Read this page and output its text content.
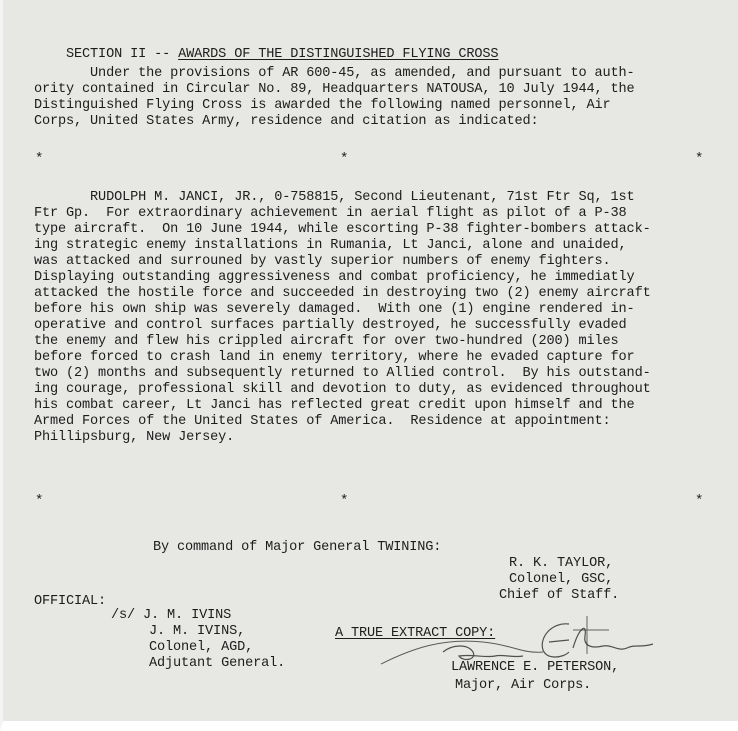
SECTION II -- AWARDS OF THE DISTINGUISHED FLYING CROSS

Under the provisions of AR 600-45, as amended, and pursuant to auth-
ority contained in Circular No. 89, Headquarters NATOUSA, 10 July 1944, the
Distinguished Flying Cross is awarded the following named personnel, Air
Corps, United States Army, residence and citation as indicated:
*	*	*
RUDOLPH M. JANCI, JR., 0-758815, Second Lieutenant, 71st Ftr Sq, 1st
Ftr Gp.  For extraordinary achievement in aerial flight as pilot of a P-38
type aircraft.  On 10 June 1944, while escorting P-38 fighter-bombers attack-
ing strategic enemy installations in Rumania, Lt Janci, alone and unaided,
was attacked and surrouned by vastly superior numbers of enemy fighters.
Displaying outstanding aggressiveness and combat proficiency, he immediatly
attacked the hostile force and succeeded in destroying two (2) enemy aircraft
before his own ship was severely damaged.  With one (1) engine rendered in-
operative and control surfaces partially destroyed, he successfully evaded
the enemy and flew his crippled aircraft for over two-hundred (200) miles
before forced to crash land in enemy territory, where he evaded capture for
two (2) months and subsequently returned to Allied control.  By his outstand-
ing courage, professional skill and devotion to duty, as evidenced throughout
his combat career, Lt Janci has reflected great credit upon himself and the
Armed Forces of the United States of America.  Residence at appointment:
Phillipsburg, New Jersey.
*	*	*
By command of Major General TWINING:
R. K. TAYLOR,
Colonel, GSC,
Chief of Staff.
OFFICIAL:
/s/ J. M. IVINS
J. M. IVINS,
Colonel, AGD,
Adjutant General.
A TRUE EXTRACT COPY:
LAWRENCE E. PETERSON,
Major, Air Corps.
